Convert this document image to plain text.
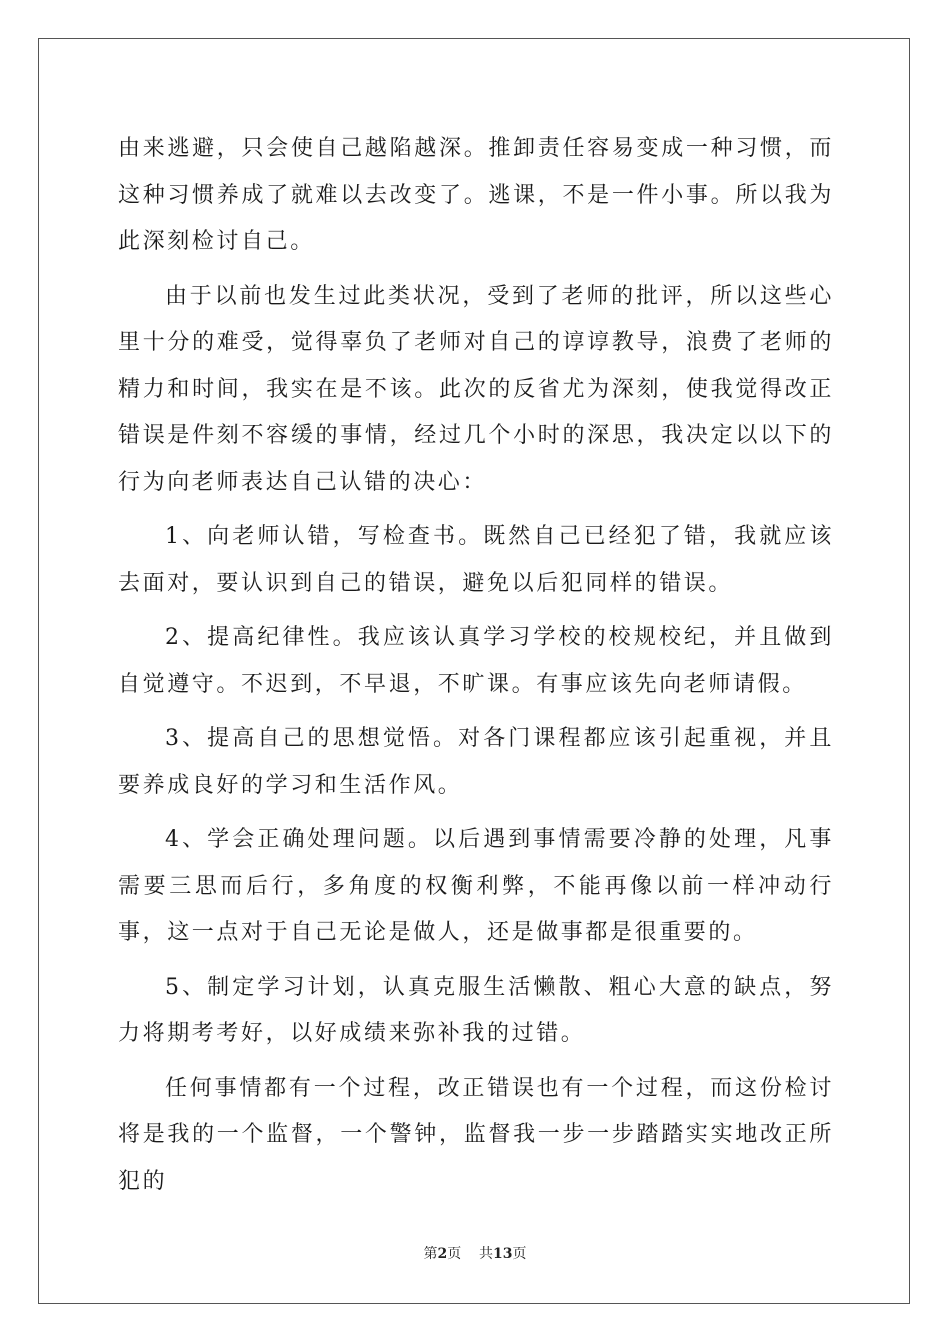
由来逃避，只会使自己越陷越深。推卸责任容易变成一种习惯，而这种习惯养成了就难以去改变了。逃课，不是一件小事。所以我为此深刻检讨自己。

由于以前也发生过此类状况，受到了老师的批评，所以这些心里十分的难受，觉得辜负了老师对自己的谆谆教导，浪费了老师的精力和时间，我实在是不该。此次的反省尤为深刻，使我觉得改正错误是件刻不容缓的事情，经过几个小时的深思，我决定以以下的行为向老师表达自己认错的决心：

1、向老师认错，写检查书。既然自己已经犯了错，我就应该去面对，要认识到自己的错误，避免以后犯同样的错误。

2、提高纪律性。我应该认真学习学校的校规校纪，并且做到自觉遵守。不迟到，不早退，不旷课。有事应该先向老师请假。

3、提高自己的思想觉悟。对各门课程都应该引起重视，并且要养成良好的学习和生活作风。

4、学会正确处理问题。以后遇到事情需要冷静的处理，凡事需要三思而后行，多角度的权衡利弊，不能再像以前一样冲动行事，这一点对于自己无论是做人，还是做事都是很重要的。

5、制定学习计划，认真克服生活懒散、粗心大意的缺点，努力将期考考好，以好成绩来弥补我的过错。

任何事情都有一个过程，改正错误也有一个过程，而这份检讨将是我的一个监督，一个警钟，监督我一步一步踏踏实实地改正所犯的

第2页 共13页
